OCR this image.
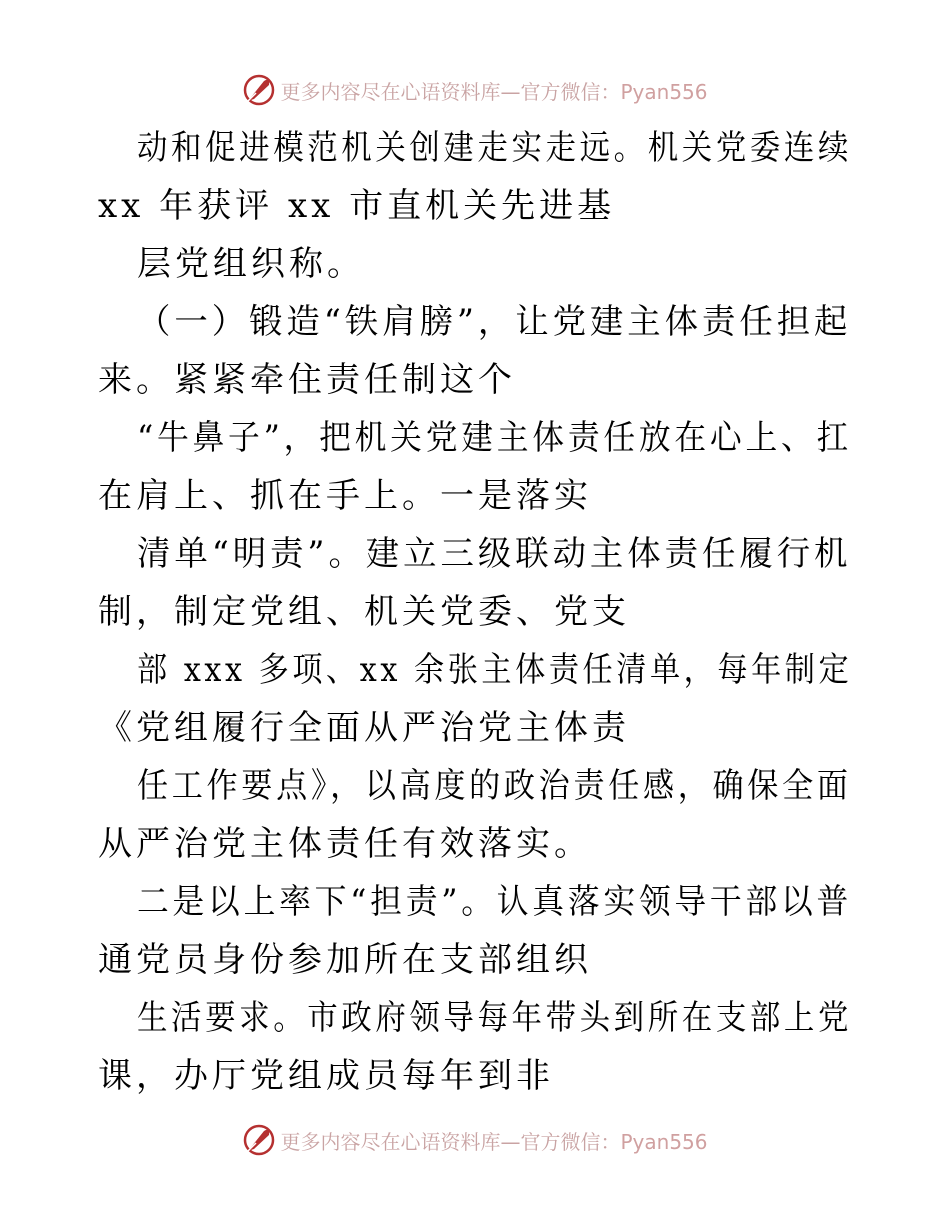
更多内容尽在心语资料库—官方微信：Pyan556
动和促进模范机关创建走实走远。机关党委连续
xx 年获评 xx 市直机关先进基
层党组织称。
（一）锻造“铁肩膀”，让党建主体责任担起
来。紧紧牵住责任制这个
“牛鼻子”，把机关党建主体责任放在心上、扛
在肩上、抓在手上。一是落实
清单“明责”。建立三级联动主体责任履行机
制，制定党组、机关党委、党支
部 xxx 多项、xx 余张主体责任清单，每年制定
《党组履行全面从严治党主体责
任工作要点》，以高度的政治责任感，确保全面
从严治党主体责任有效落实。
二是以上率下“担责”。认真落实领导干部以普
通党员身份参加所在支部组织
生活要求。市政府领导每年带头到所在支部上党
课，办厅党组成员每年到非
更多内容尽在心语资料库—官方微信：Pyan556
